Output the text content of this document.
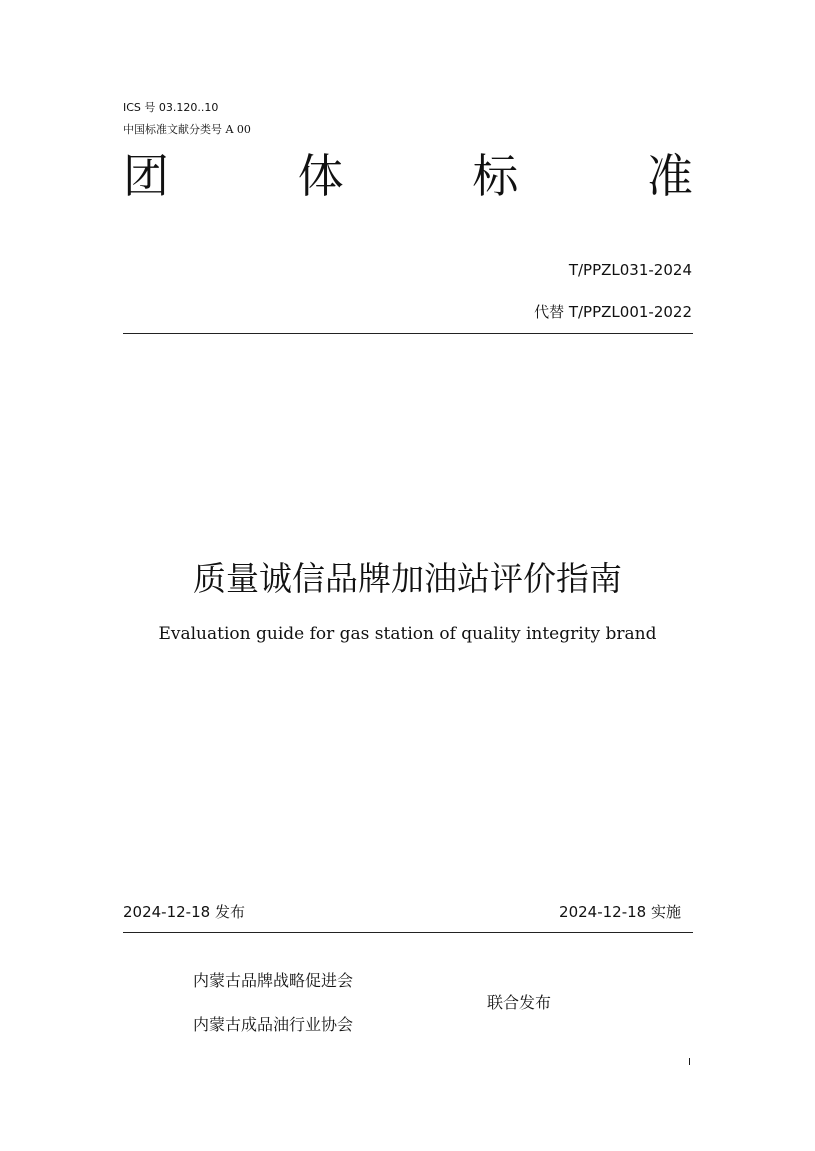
ICS 号 03.120..10
中国标准文献分类号 A 00
团	体	标	准
T/PPZL031-2024
代替 T/PPZL001-2022
质量诚信品牌加油站评价指南
Evaluation guide for gas station of quality integrity brand
2024-12-18 发布	2024-12-18 实施
内蒙古品牌战略促进会
内蒙古成品油行业协会
联合发布
I
